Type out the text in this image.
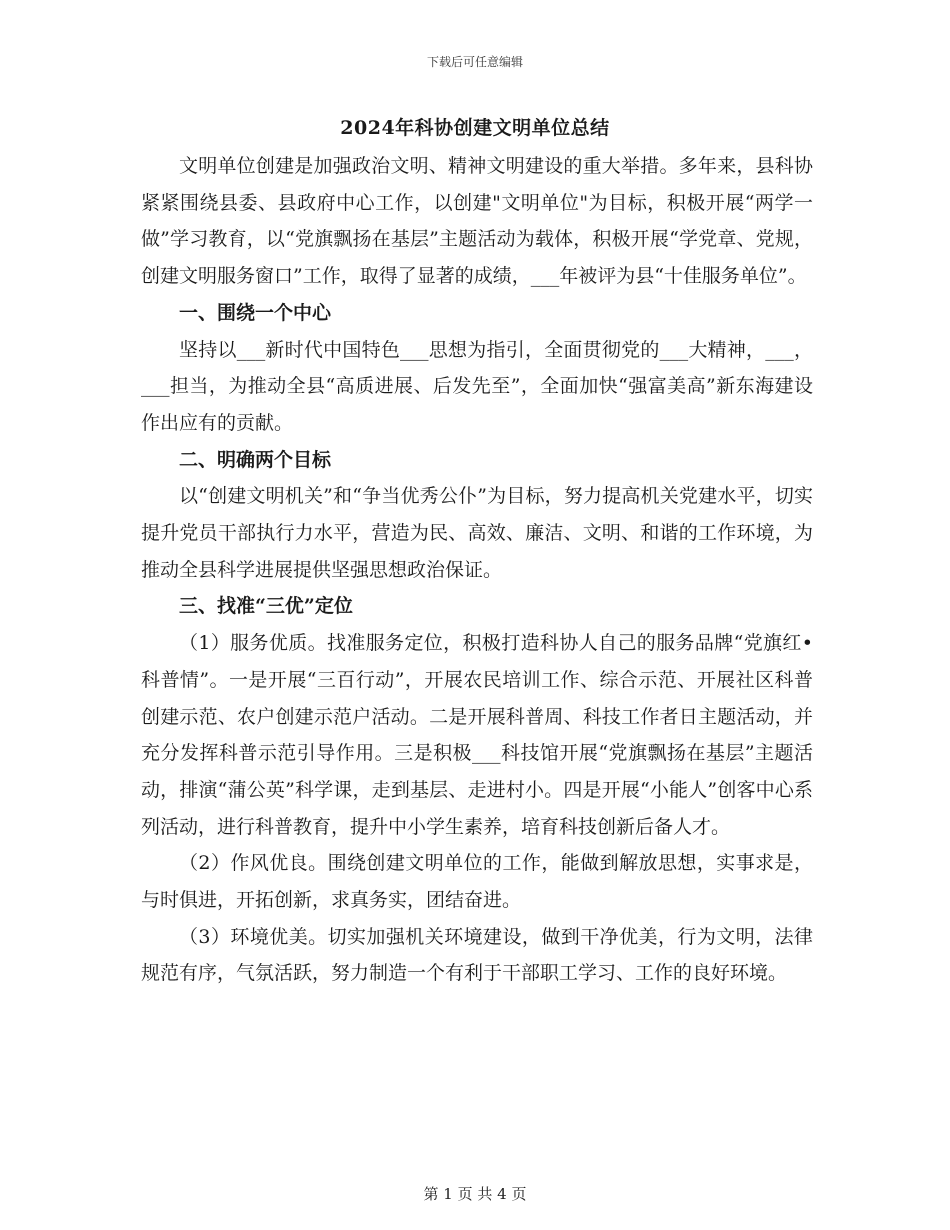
下载后可任意编辑
2024年科协创建文明单位总结

文明单位创建是加强政治文明、精神文明建设的重大举措。多年来，县科协紧紧围绕县委、县政府中心工作，以创建"文明单位"为目标，积极开展“两学一做”学习教育，以“党旗飘扬在基层”主题活动为载体，积极开展“学党章、党规，创建文明服务窗口”工作，取得了显著的成绩，___年被评为县“十佳服务单位”。

一、围绕一个中心

坚持以___新时代中国特色___思想为指引，全面贯彻党的___大精神，___，___担当，为推动全县“高质进展、后发先至”，全面加快“强富美高”新东海建设作出应有的贡献。

二、明确两个目标

以“创建文明机关”和“争当优秀公仆”为目标，努力提高机关党建水平，切实提升党员干部执行力水平，营造为民、高效、廉洁、文明、和谐的工作环境，为推动全县科学进展提供坚强思想政治保证。

三、找准“三优”定位

（1）服务优质。找准服务定位，积极打造科协人自己的服务品牌“党旗红•科普情”。一是开展“三百行动”，开展农民培训工作、综合示范、开展社区科普创建示范、农户创建示范户活动。二是开展科普周、科技工作者日主题活动，并充分发挥科普示范引导作用。三是积极___科技馆开展“党旗飘扬在基层”主题活动，排演“蒲公英”科学课，走到基层、走进村小。四是开展“小能人”创客中心系列活动，进行科普教育，提升中小学生素养，培育科技创新后备人才。

（2）作风优良。围绕创建文明单位的工作，能做到解放思想，实事求是，与时俱进，开拓创新，求真务实，团结奋进。

（3）环境优美。切实加强机关环境建设，做到干净优美，行为文明，法律规范有序，气氛活跃，努力制造一个有利于干部职工学习、工作的良好环境。

第 1 页 共 4 页
